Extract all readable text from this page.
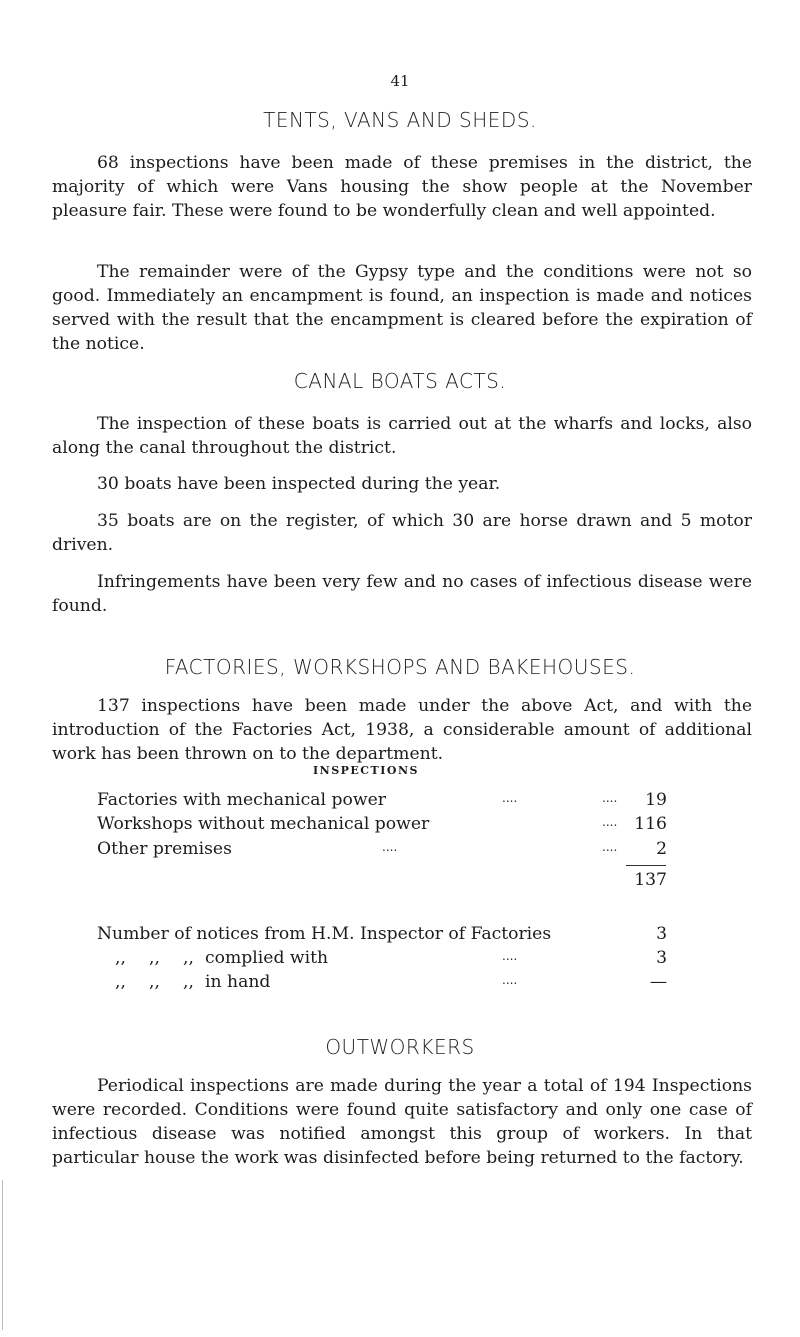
41
TENTS, VANS AND SHEDS.
68 inspections have been made of these premises in the district, the majority of which were Vans housing the show people at the November pleasure fair. These were found to be wonderfully clean and well appointed.
The remainder were of the Gypsy type and the conditions were not so good. Immediately an encampment is found, an inspection is made and notices served with the result that the encampment is cleared before the expiration of the notice.
CANAL BOATS ACTS.
The inspection of these boats is carried out at the wharfs and locks, also along the canal throughout the district.
30 boats have been inspected during the year.
35 boats are on the register, of which 30 are horse drawn and 5 motor driven.
Infringements have been very few and no cases of infectious disease were found.
FACTORIES, WORKSHOPS AND BAKEHOUSES.
137 inspections have been made under the above Act, and with the introduction of the Factories Act, 1938, a considerable amount of additional work has been thrown on to the department.
INSPECTIONS
Factories with mechanical power	....	.... 19
Workshops without mechanical power	.... 116
Other premises	....	.... 2
137
Number of notices from H.M. Inspector of Factories	3
,, ,, ,, complied with	....	3
,, ,, ,, in hand	....	—
OUTWORKERS
Periodical inspections are made during the year a total of 194 Inspections were recorded. Conditions were found quite satisfactory and only one case of infectious disease was notified amongst this group of workers. In that particular house the work was disinfected before being returned to the factory.
